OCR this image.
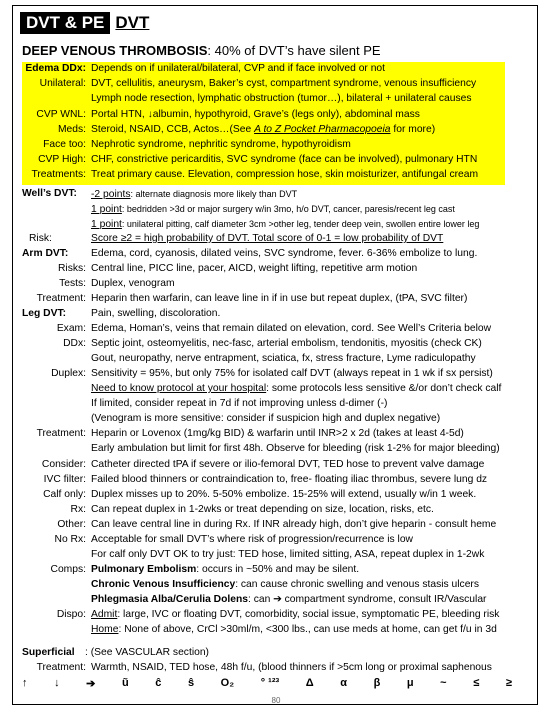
DVT & PE DVT
DEEP VENOUS THROMBOSIS: 40% of DVT’s have silent PE
Edema DDx: Depends on if unilateral/bilateral, CVP and if face involved or not
Unilateral: DVT, cellulitis, aneurysm, Baker’s cyst, compartment syndrome, venous insufficiency
Lymph node resection, lymphatic obstruction (tumor…), bilateral + unilateral causes
CVP WNL: Portal HTN, ↓albumin, hypothyroid, Grave’s (legs only), abdominal mass
Meds: Steroid, NSAID, CCB, Actos…(See A to Z Pocket Pharmacopoeia for more)
Face too: Nephrotic syndrome, nephritic syndrome, hypothyroidism
CVP High: CHF, constrictive pericarditis, SVC syndrome (face can be involved), pulmonary HTN
Treatments: Treat primary cause. Elevation, compression hose, skin moisturizer, antifungal cream
Well’s DVT:	-2 points: alternate diagnosis more likely than DVT
1 point: bedridden >3d or major surgery w/in 3mo, h/o DVT, cancer, paresis/recent leg cast
1 point: unilateral pitting, calf diameter 3cm >other leg, tender deep vein, swollen entire lower leg
Risk:	Score ≥2 = high probability of DVT. Total score of 0-1 = low probability of DVT
Arm DVT:	Edema, cord, cyanosis, dilated veins, SVC syndrome, fever. 6-36% embolize to lung.
Risks: Central line, PICC line, pacer, AICD, weight lifting, repetitive arm motion
Tests: Duplex, venogram
Treatment: Heparin then warfarin, can leave line in if in use but repeat duplex, (tPA, SVC filter)
Leg DVT:	Pain, swelling, discoloration.
Exam: Edema, Homan’s, veins that remain dilated on elevation, cord. See Well’s Criteria below
DDx: Septic joint, osteomyelitis, nec-fasc, arterial embolism, tendonitis, myositis (check CK)
Gout, neuropathy, nerve entrapment, sciatica, fx, stress fracture, Lyme radiculopathy
Duplex: Sensitivity = 95%, but only 75% for isolated calf DVT (always repeat in 1 wk if sx persist)
Need to know protocol at your hospital: some protocols less sensitive &/or don’t check calf
If limited, consider repeat in 7d if not improving unless d-dimer (-)
(Venogram is more sensitive: consider if suspicion high and duplex negative)
Treatment: Heparin or Lovenox (1mg/kg BID) & warfarin until INR>2 x 2d (takes at least 4-5d)
Early ambulation but limit for first 48h. Observe for bleeding (risk 1-2% for major bleeding)
Consider: Catheter directed tPA if severe or ilio-femoral DVT, TED hose to prevent valve damage
IVC filter: Failed blood thinners or contraindication to, free- floating iliac thrombus, severe lung dz
Calf only: Duplex misses up to 20%. 5-50% embolize. 15-25% will extend, usually w/in 1 week.
Rx: Can repeat duplex in 1-2wks or treat depending on size, location, risks, etc.
Other: Can leave central line in during Rx. If INR already high, don’t give heparin - consult heme
No Rx: Acceptable for small DVT’s where risk of progression/recurrence is low
For calf only DVT OK to try just: TED hose, limited sitting, ASA, repeat duplex in 1-2wk
Comps: Pulmonary Embolism: occurs in ~50% and may be silent.
Chronic Venous Insufficiency: can cause chronic swelling and venous stasis ulcers
Phlegmasia Alba/Cerulia Dolens: can ➔ compartment syndrome, consult IR/Vascular
Dispo: Admit: large, IVC or floating DVT, comorbidity, social issue, symptomatic PE, bleeding risk
Home: None of above, CrCl >30ml/m, <300 lbs., can use meds at home, can get f/u in 3d
Superficial	: (See VASCULAR section)
Treatment: Warmth, NSAID, TED hose, 48h f/u, (blood thinners if >5cm long or proximal saphenous
↑ ↓ ➔ ũ ĉ ŝ O₂ ° ¹²³ Δ α β μ ~ ≤ ≥
80
